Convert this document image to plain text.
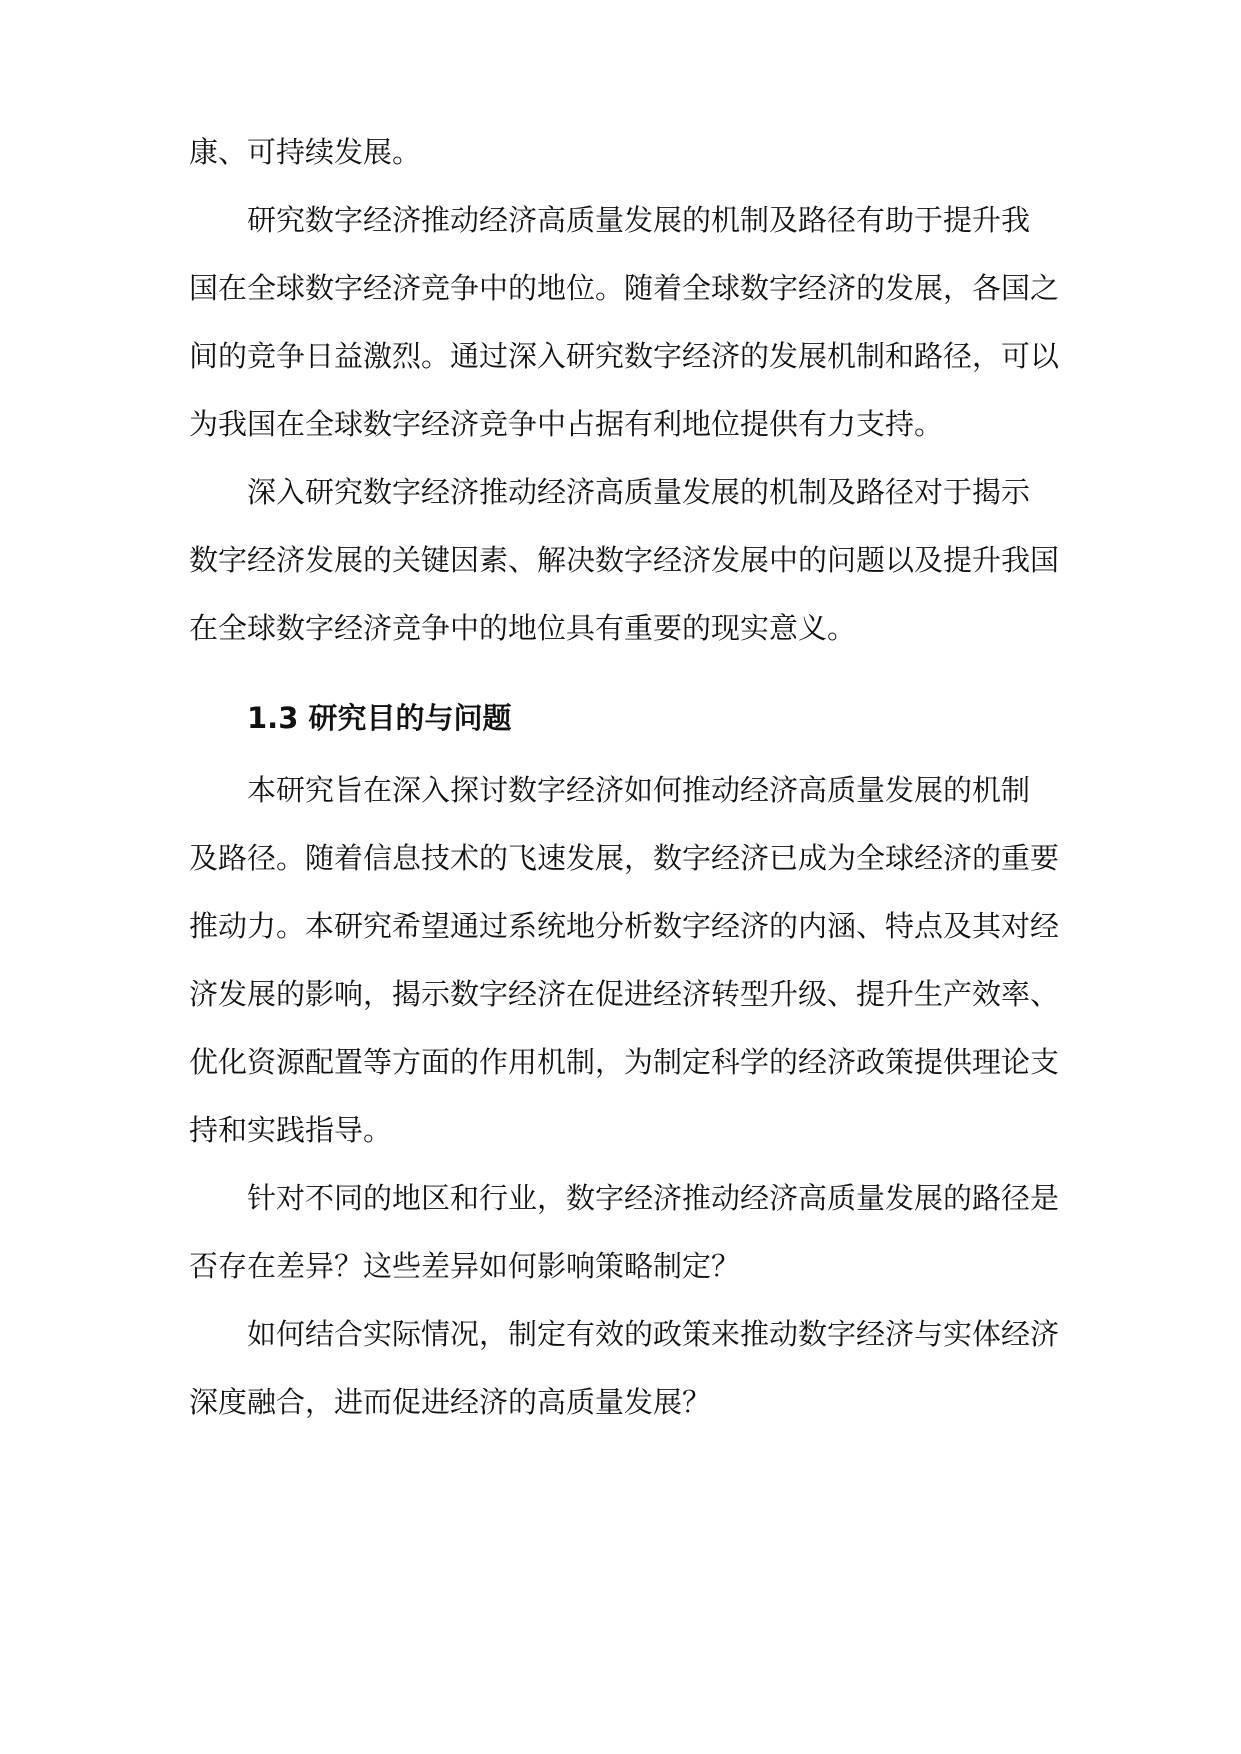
康、可持续发展。
研究数字经济推动经济高质量发展的机制及路径有助于提升我
国在全球数字经济竞争中的地位。随着全球数字经济的发展，各国之
间的竞争日益激烈。通过深入研究数字经济的发展机制和路径，可以
为我国在全球数字经济竞争中占据有利地位提供有力支持。
深入研究数字经济推动经济高质量发展的机制及路径对于揭示
数字经济发展的关键因素、解决数字经济发展中的问题以及提升我国
在全球数字经济竞争中的地位具有重要的现实意义。
1.3 研究目的与问题
本研究旨在深入探讨数字经济如何推动经济高质量发展的机制
及路径。随着信息技术的飞速发展，数字经济已成为全球经济的重要
推动力。本研究希望通过系统地分析数字经济的内涵、特点及其对经
济发展的影响，揭示数字经济在促进经济转型升级、提升生产效率、
优化资源配置等方面的作用机制，为制定科学的经济政策提供理论支
持和实践指导。
针对不同的地区和行业，数字经济推动经济高质量发展的路径是
否存在差异？这些差异如何影响策略制定？
如何结合实际情况，制定有效的政策来推动数字经济与实体经济
深度融合，进而促进经济的高质量发展？
